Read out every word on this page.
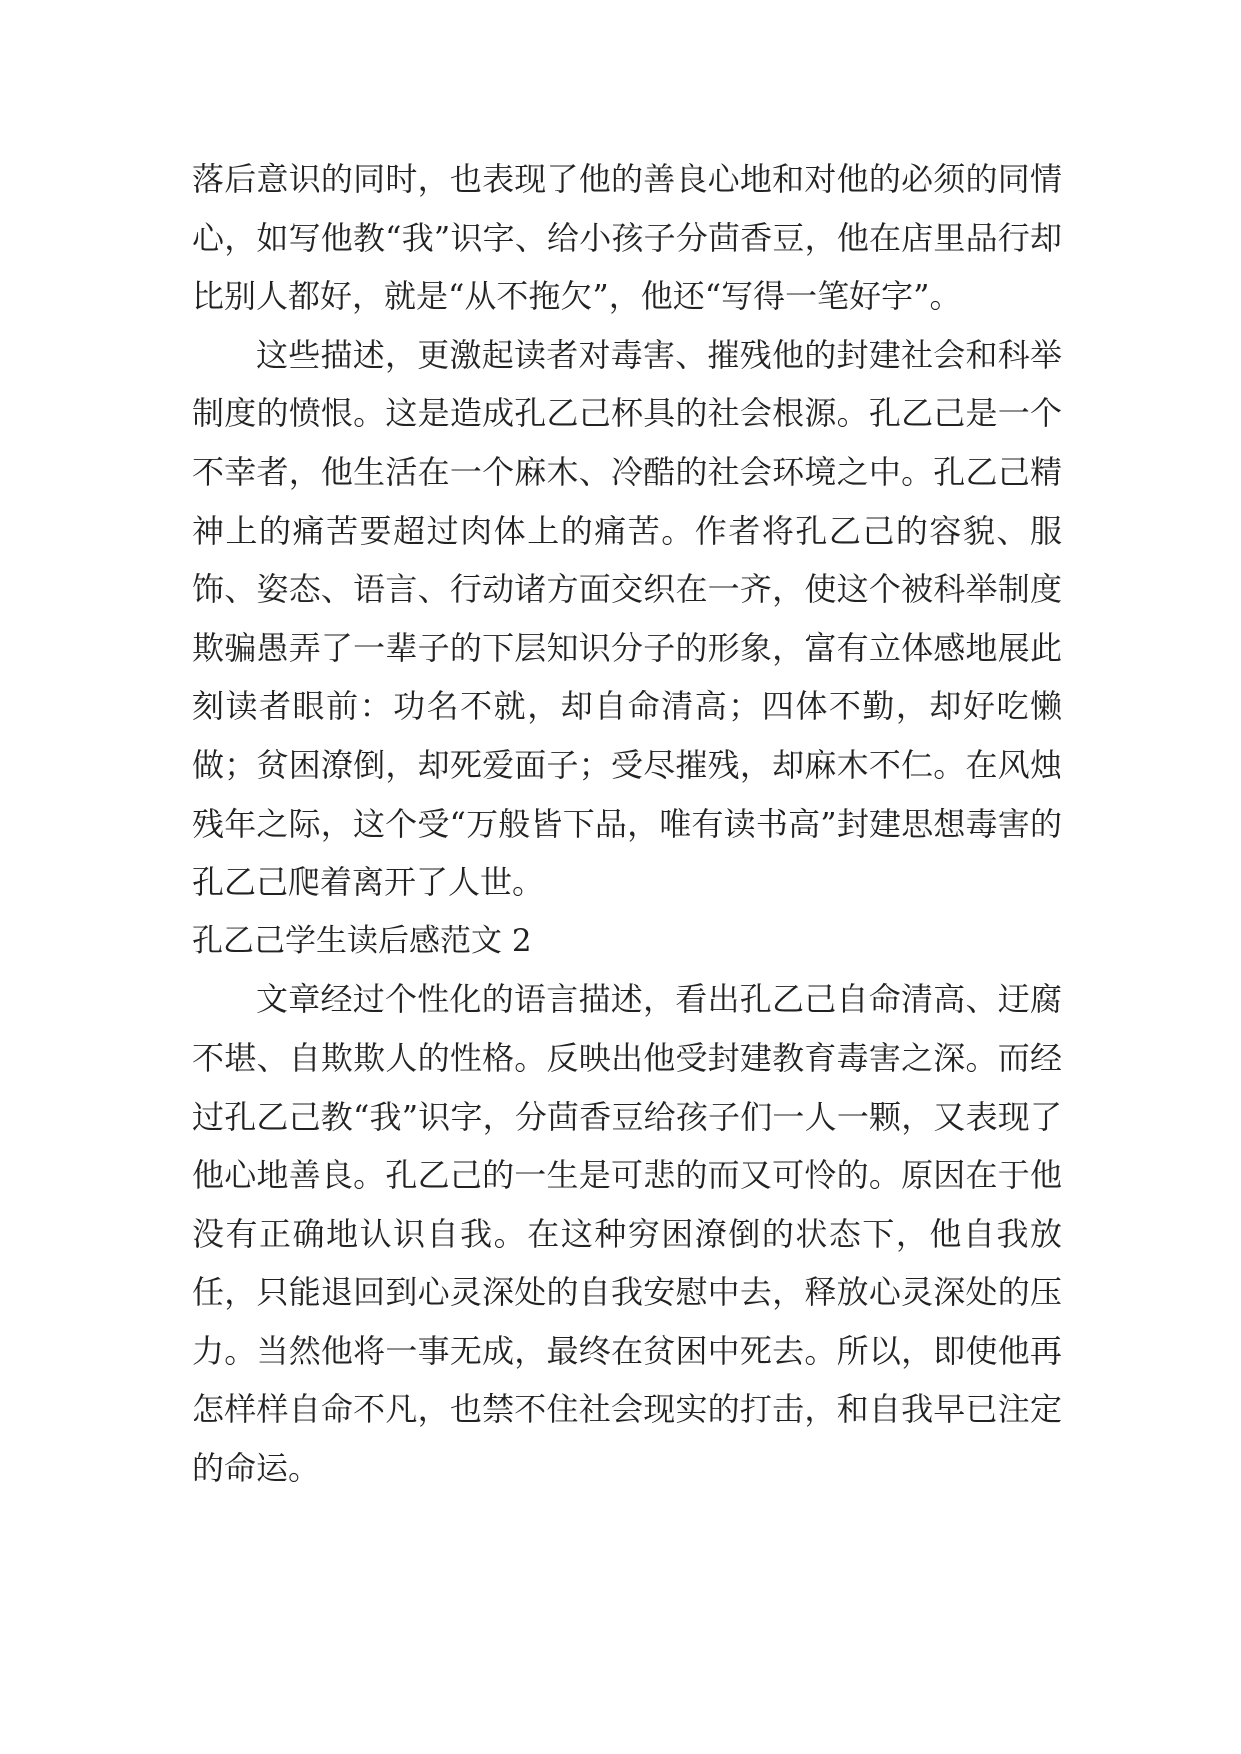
落后意识的同时，也表现了他的善良心地和对他的必须的同情心，如写他教“我”识字、给小孩子分茴香豆，他在店里品行却比别人都好，就是“从不拖欠”，他还“写得一笔好字”。

这些描述，更激起读者对毒害、摧残他的封建社会和科举制度的愤恨。这是造成孔乙己杯具的社会根源。孔乙己是一个不幸者，他生活在一个麻木、冷酷的社会环境之中。孔乙己精神上的痛苦要超过肉体上的痛苦。作者将孔乙己的容貌、服饰、姿态、语言、行动诸方面交织在一齐，使这个被科举制度欺骗愚弄了一辈子的下层知识分子的形象，富有立体感地展此刻读者眼前：功名不就，却自命清高；四体不勤，却好吃懒做；贫困潦倒，却死爱面子；受尽摧残，却麻木不仁。在风烛残年之际，这个受“万般皆下品，唯有读书高”封建思想毒害的孔乙己爬着离开了人世。

孔乙己学生读后感范文 2

文章经过个性化的语言描述，看出孔乙己自命清高、迂腐不堪、自欺欺人的性格。反映出他受封建教育毒害之深。而经过孔乙己教“我”识字，分茴香豆给孩子们一人一颗，又表现了他心地善良。孔乙己的一生是可悲的而又可怜的。原因在于他没有正确地认识自我。在这种穷困潦倒的状态下，他自我放任，只能退回到心灵深处的自我安慰中去，释放心灵深处的压力。当然他将一事无成，最终在贫困中死去。所以，即使他再怎样样自命不凡，也禁不住社会现实的打击，和自我早已注定的命运。
